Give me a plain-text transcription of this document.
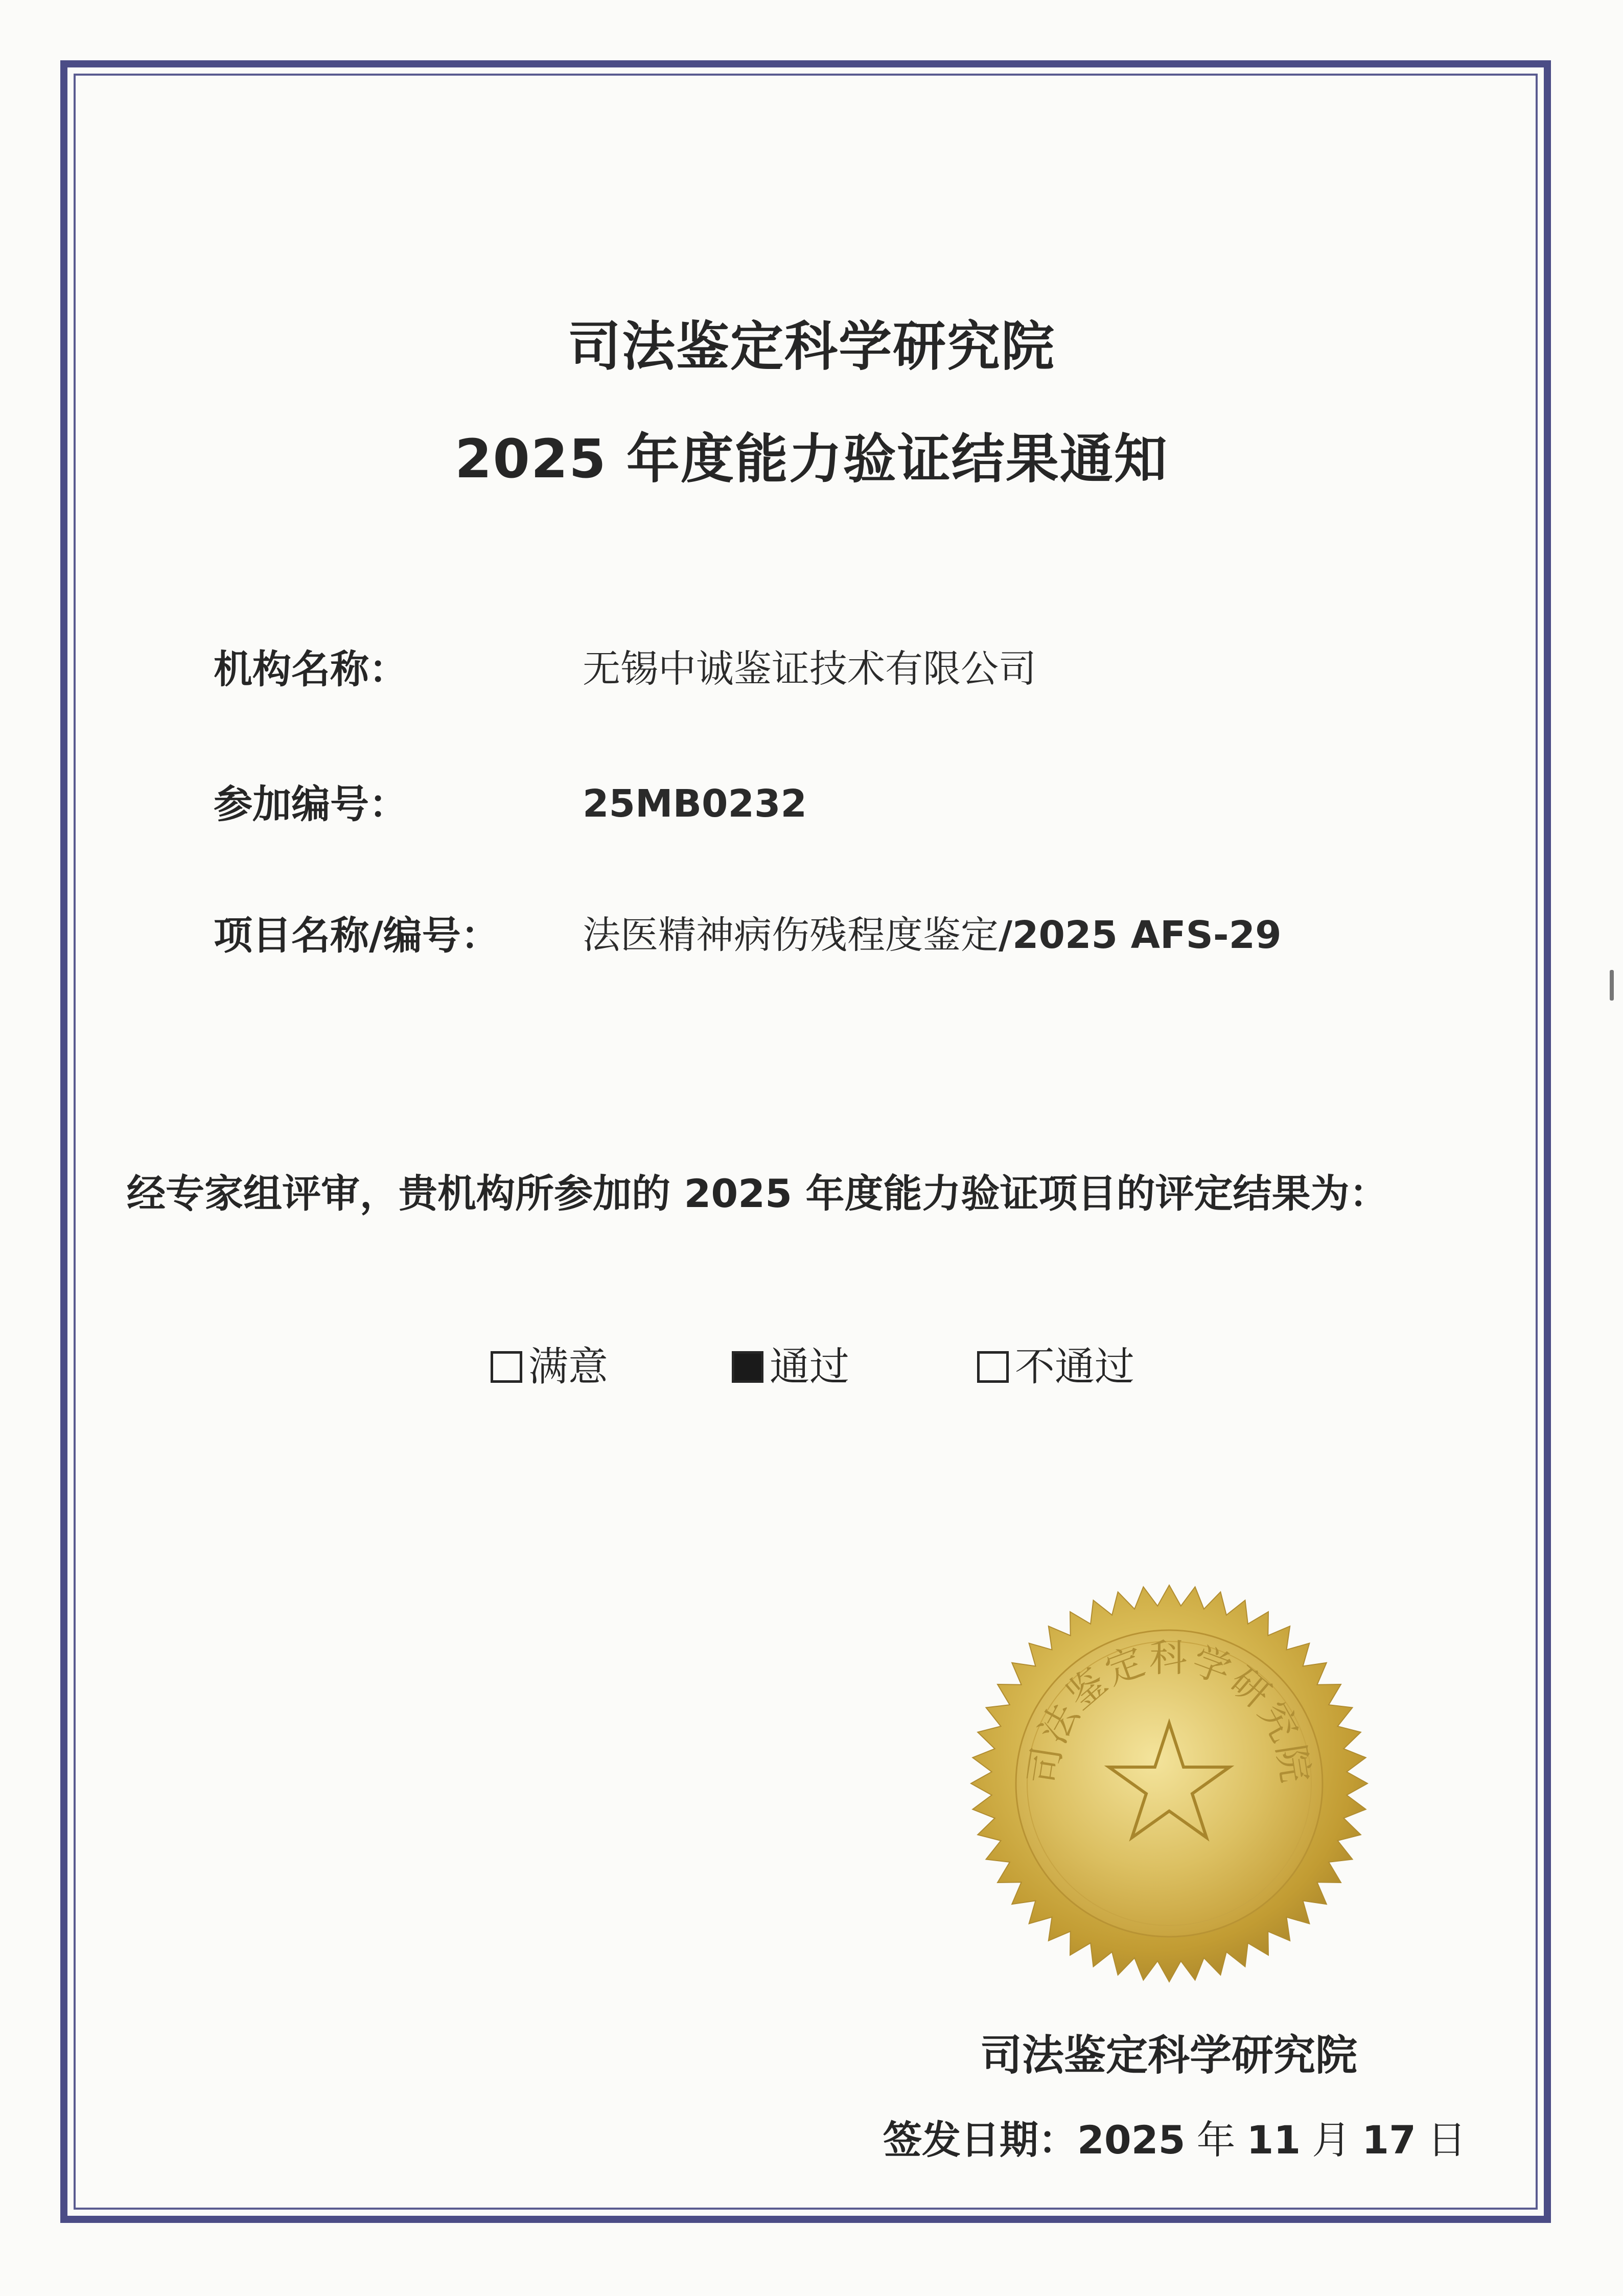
司法鉴定科学研究院
2025 年度能力验证结果通知
机构名称：	无锡中诚鉴证技术有限公司
参加编号：	25MB0232
项目名称/编号： 法医精神病伤残程度鉴定/2025 AFS-29
经专家组评审，贵机构所参加的 2025 年度能力验证项目的评定结果为：
满意	通过	不通过
司法鉴定科学研究院
司法鉴定科学研究院
签发日期：2025 年 11 月 17 日
